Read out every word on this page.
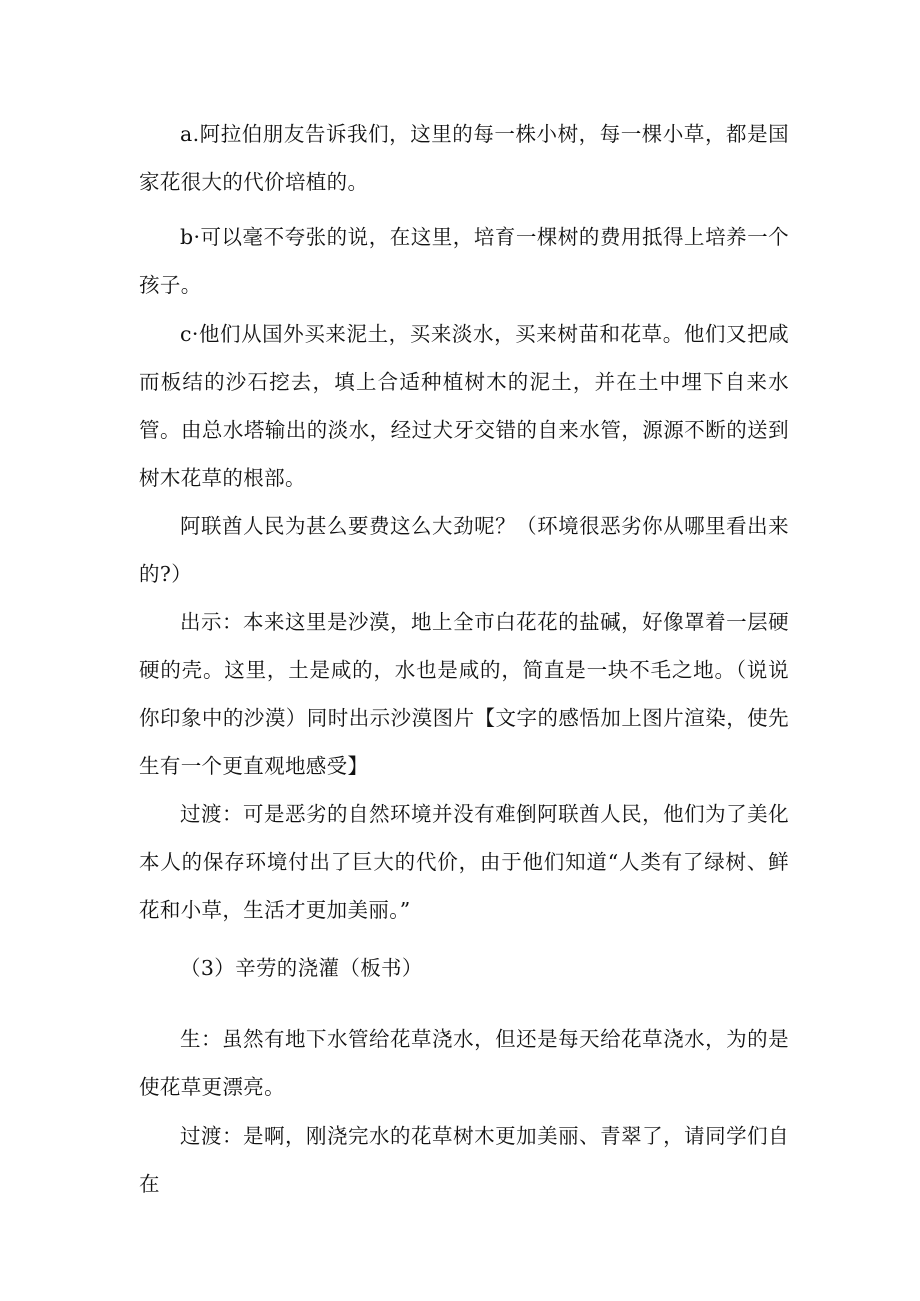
a.阿拉伯朋友告诉我们，这里的每一株小树，每一棵小草，都是国家花很大的代价培植的。

b·可以毫不夸张的说，在这里，培育一棵树的费用抵得上培养一个孩子。

c·他们从国外买来泥土，买来淡水，买来树苗和花草。他们又把咸而板结的沙石挖去，填上合适种植树木的泥土，并在土中埋下自来水管。由总水塔输出的淡水，经过犬牙交错的自来水管，源源不断的送到树木花草的根部。

阿联酋人民为甚么要费这么大劲呢？（环境很恶劣你从哪里看出来的?）

出示：本来这里是沙漠，地上全市白花花的盐碱，好像罩着一层硬硬的壳。这里，土是咸的，水也是咸的，简直是一块不毛之地。（说说你印象中的沙漠）同时出示沙漠图片【文字的感悟加上图片渲染，使先生有一个更直观地感受】

过渡：可是恶劣的自然环境并没有难倒阿联酋人民，他们为了美化本人的保存环境付出了巨大的代价，由于他们知道“人类有了绿树、鲜花和小草，生活才更加美丽。”

（3）辛劳的浇灌（板书）

生：虽然有地下水管给花草浇水，但还是每天给花草浇水，为的是使花草更漂亮。

过渡：是啊，刚浇完水的花草树木更加美丽、青翠了，请同学们自在
